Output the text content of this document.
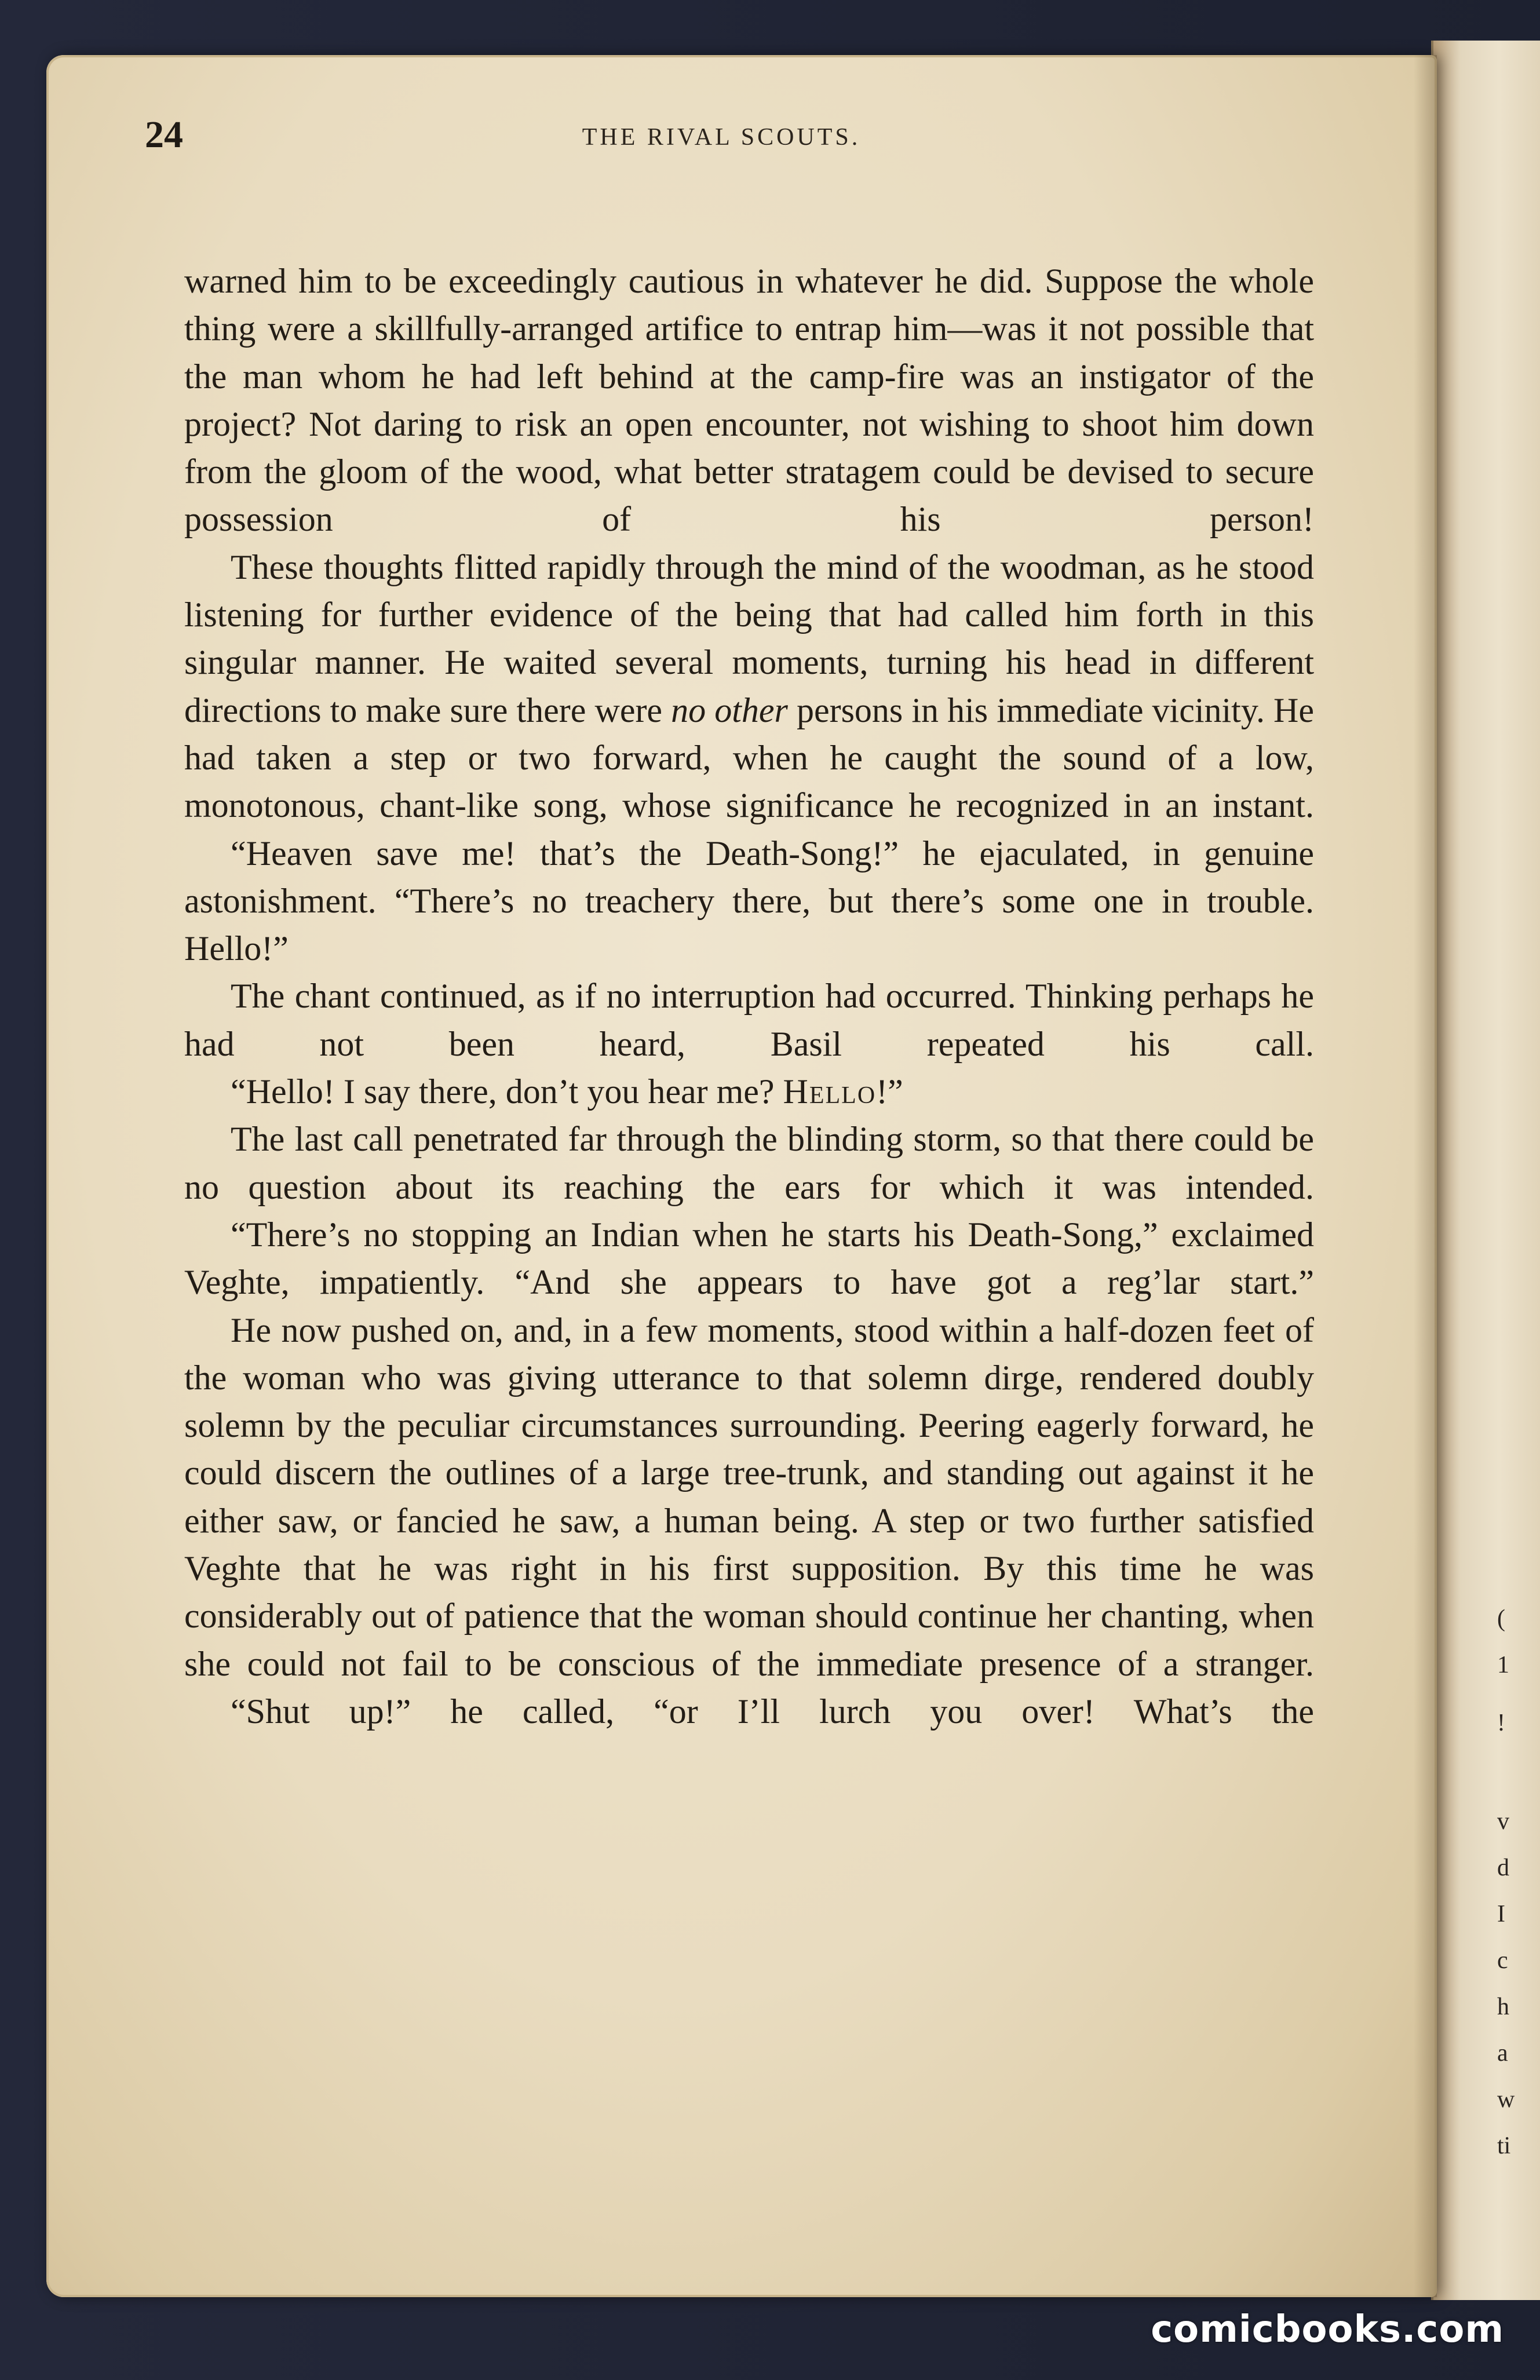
(
1
!
v
d
I
c
h
a
w
ti
24	THE RIVAL SCOUTS.

warned him to be exceedingly cautious in whatever he did. Suppose the whole thing were a skillfully-arranged artifice to entrap him—was it not possible that the man whom he had left behind at the camp-fire was an instigator of the project? Not daring to risk an open encounter, not wishing to shoot him down from the gloom of the wood, what better stratagem could be devised to secure possession of his person!

These thoughts flitted rapidly through the mind of the woodman, as he stood listening for further evidence of the being that had called him forth in this singular manner. He waited several moments, turning his head in different directions to make sure there were no other persons in his immediate vicinity. He had taken a step or two forward, when he caught the sound of a low, monotonous, chant-like song, whose significance he recognized in an instant.

“Heaven save me! that’s the Death-Song!” he ejaculated, in genuine astonishment. “There’s no treachery there, but there’s some one in trouble. Hello!”

The chant continued, as if no interruption had occurred. Thinking perhaps he had not been heard, Basil repeated his call.

“Hello! I say there, don’t you hear me? Hello!”

The last call penetrated far through the blinding storm, so that there could be no question about its reaching the ears for which it was intended.

“There’s no stopping an Indian when he starts his Death-Song,” exclaimed Veghte, impatiently. “And she appears to have got a reg’lar start.”

He now pushed on, and, in a few moments, stood within a half-dozen feet of the woman who was giving utterance to that solemn dirge, rendered doubly solemn by the peculiar circumstances surrounding. Peering eagerly forward, he could discern the outlines of a large tree-trunk, and standing out against it he either saw, or fancied he saw, a human being. A step or two further satisfied Veghte that he was right in his first supposition. By this time he was considerably out of patience that the woman should continue her chanting, when she could not fail to be conscious of the immediate presence of a stranger.

“Shut up!” he called, “or I’ll lurch you over! What’s the

comicbooks.com
